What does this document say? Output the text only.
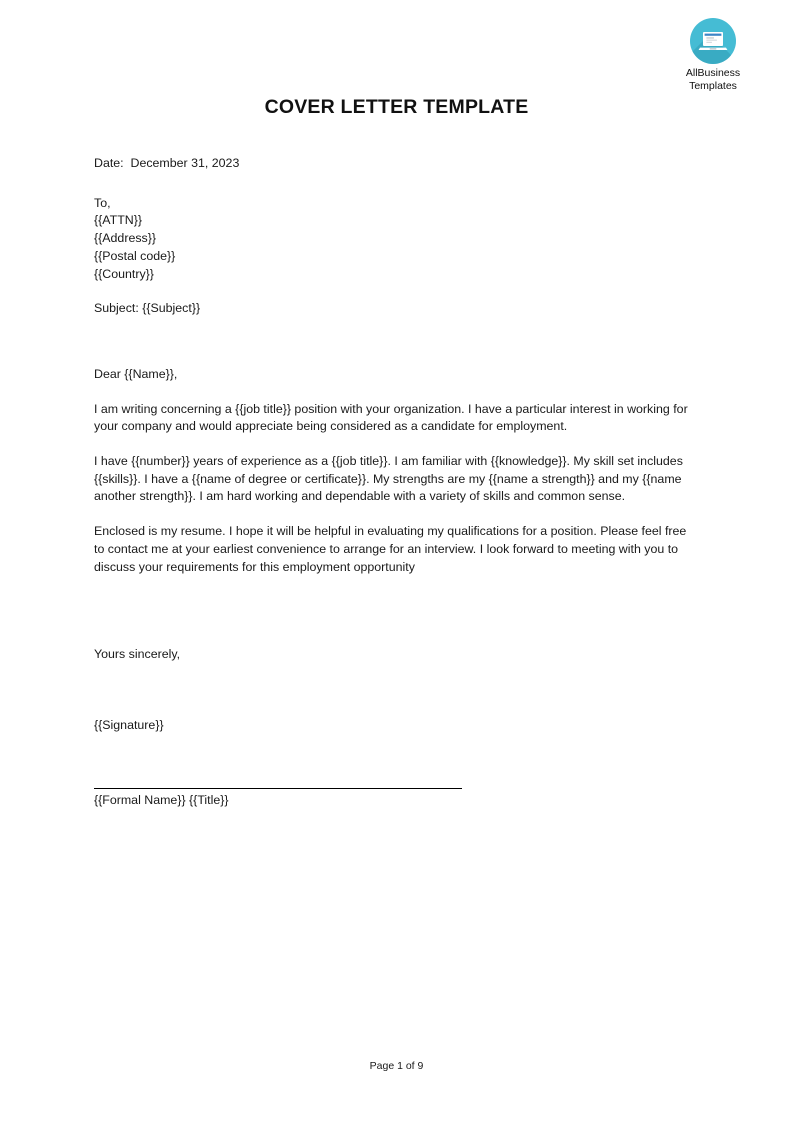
AllBusiness
Templates
COVER LETTER TEMPLATE

Date:  December 31, 2023

To,

{{ATTN}}

{{Address}}

{{Postal code}}

{{Country}}

Subject: {{Subject}}

Dear {{Name}},

I am writing concerning a {{job title}} position with your organization. I have a particular interest in working for your company and would appreciate being considered as a candidate for employment.

I have {{number}} years of experience as a {{job title}}. I am familiar with {{knowledge}}. My skill set includes {{skills}}. I have a {{name of degree or certificate}}. My strengths are my {{name a strength}} and my {{name another strength}}. I am hard working and dependable with a variety of skills and common sense.

Enclosed is my resume. I hope it will be helpful in evaluating my qualifications for a position. Please feel free to contact me at your earliest convenience to arrange for an interview. I look forward to meeting with you to discuss your requirements for this employment opportunity

Yours sincerely,

{{Signature}}

{{Formal Name}} {{Title}}

Page 1 of 9
